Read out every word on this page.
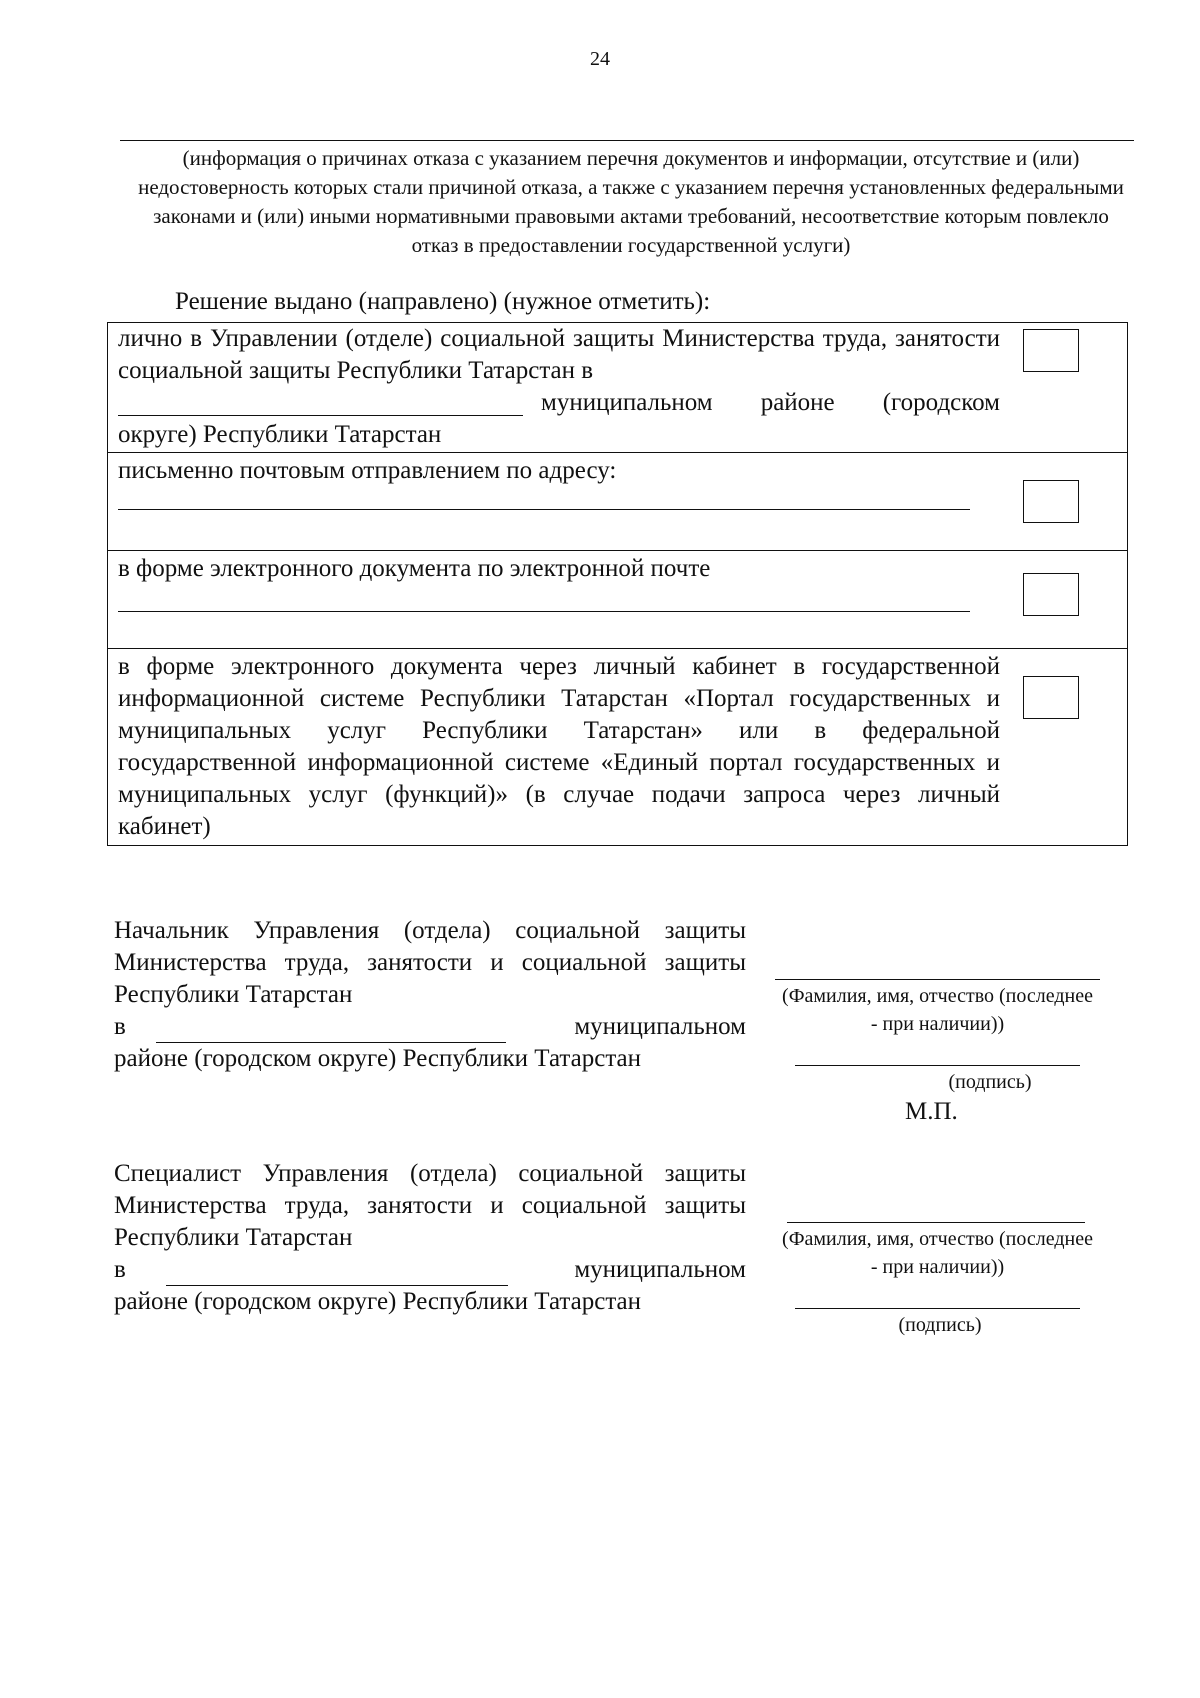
24
(информация о причинах отказа с указанием перечня документов и информации, отсутствие и (или) недостоверность которых стали причиной отказа, а также с указанием перечня установленных федеральными законами и (или) иными нормативными правовыми актами требований, несоответствие которым повлекло отказ в предоставлении государственной услуги)
Решение выдано (направлено) (нужное отметить):
лично в Управлении (отделе) социальной защиты Министерства труда, занятости социальной защиты Республики Татарстан в
муниципальном районе (городском
округе) Республики Татарстан
письменно почтовым отправлением по адресу:
в форме электронного документа по электронной почте
в форме электронного документа через личный кабинет в государственной информационной системе Республики Татарстан «Портал государственных и муниципальных услуг Республики Татарстан» или в федеральной государственной информационной системе «Единый портал государственных и муниципальных услуг (функций)» (в случае подачи запроса через личный кабинет)
Начальник Управления (отдела) социальной защиты Министерства труда, занятости и социальной защиты Республики Татарстан
в	муниципальном
районе (городском округе) Республики Татарстан
(Фамилия, имя, отчество (последнее - при наличии))
(подпись)
М.П.
Специалист Управления (отдела) социальной защиты Министерства труда, занятости и социальной защиты Республики Татарстан
в	муниципальном
районе (городском округе) Республики Татарстан
(Фамилия, имя, отчество (последнее - при наличии))
(подпись)
